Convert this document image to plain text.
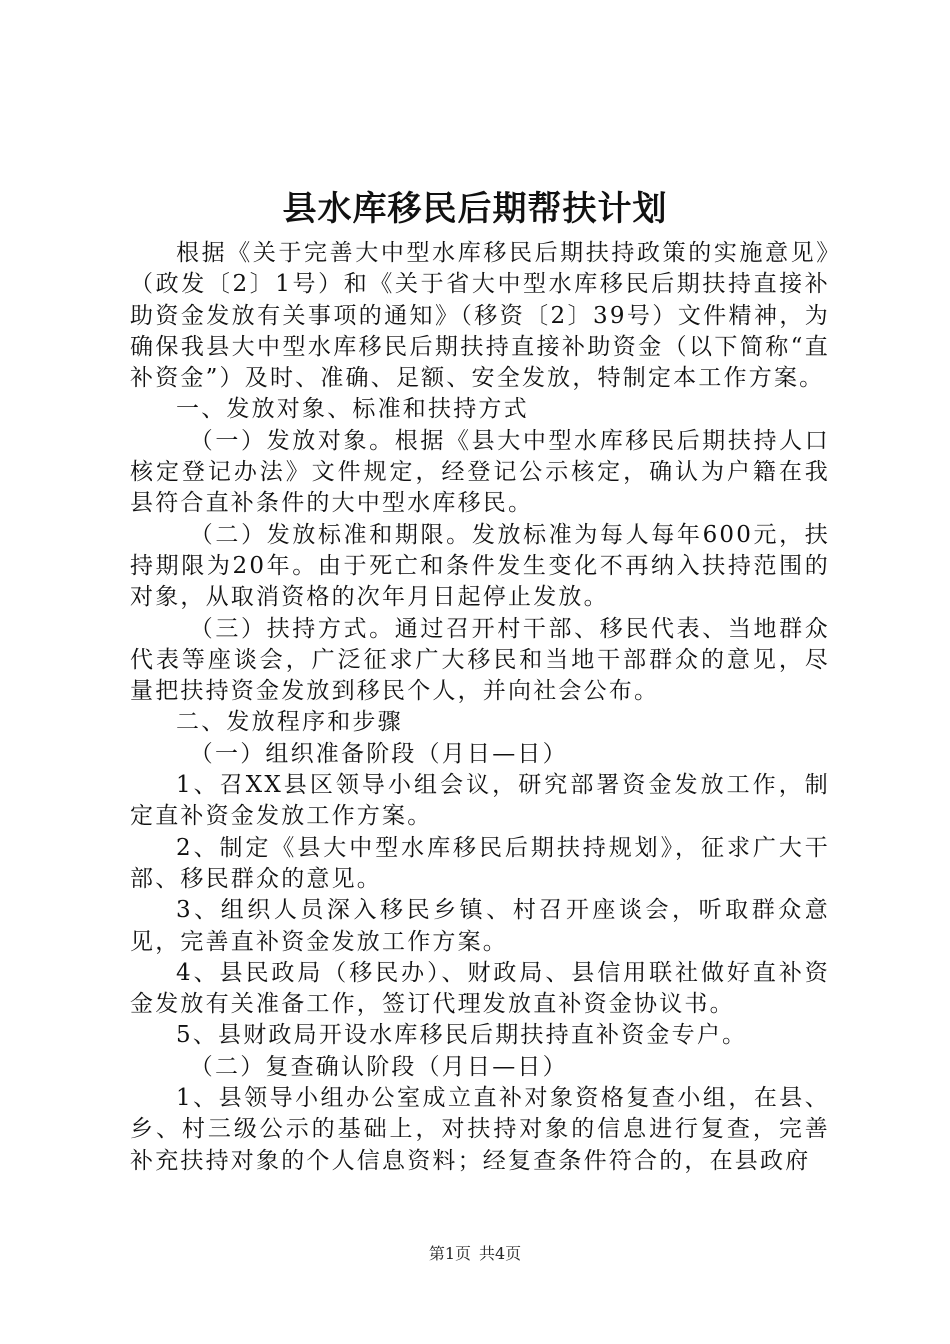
县水库移民后期帮扶计划

根据《关于完善大中型水库移民后期扶持政策的实施意见》（政发〔2〕1号）和《关于省大中型水库移民后期扶持直接补助资金发放有关事项的通知》（移资〔2〕39号）文件精神，为确保我县大中型水库移民后期扶持直接补助资金（以下简称“直补资金”）及时、准确、足额、安全发放，特制定本工作方案。

一、发放对象、标准和扶持方式

（一）发放对象。根据《县大中型水库移民后期扶持人口核定登记办法》文件规定，经登记公示核定，确认为户籍在我县符合直补条件的大中型水库移民。

（二）发放标准和期限。发放标准为每人每年600元，扶持期限为20年。由于死亡和条件发生变化不再纳入扶持范围的对象，从取消资格的次年月日起停止发放。

（三）扶持方式。通过召开村干部、移民代表、当地群众代表等座谈会，广泛征求广大移民和当地干部群众的意见，尽量把扶持资金发放到移民个人，并向社会公布。

二、发放程序和步骤

（一）组织准备阶段（月日—日）

1、召XX县区领导小组会议，研究部署资金发放工作，制定直补资金发放工作方案。

2、制定《县大中型水库移民后期扶持规划》，征求广大干部、移民群众的意见。

3、组织人员深入移民乡镇、村召开座谈会，听取群众意见，完善直补资金发放工作方案。

4、县民政局（移民办）、财政局、县信用联社做好直补资金发放有关准备工作，签订代理发放直补资金协议书。

5、县财政局开设水库移民后期扶持直补资金专户。

（二）复查确认阶段（月日—日）

1、县领导小组办公室成立直补对象资格复查小组，在县、乡、村三级公示的基础上，对扶持对象的信息进行复查，完善补充扶持对象的个人信息资料；经复查条件符合的，在县政府

第1页 共4页
